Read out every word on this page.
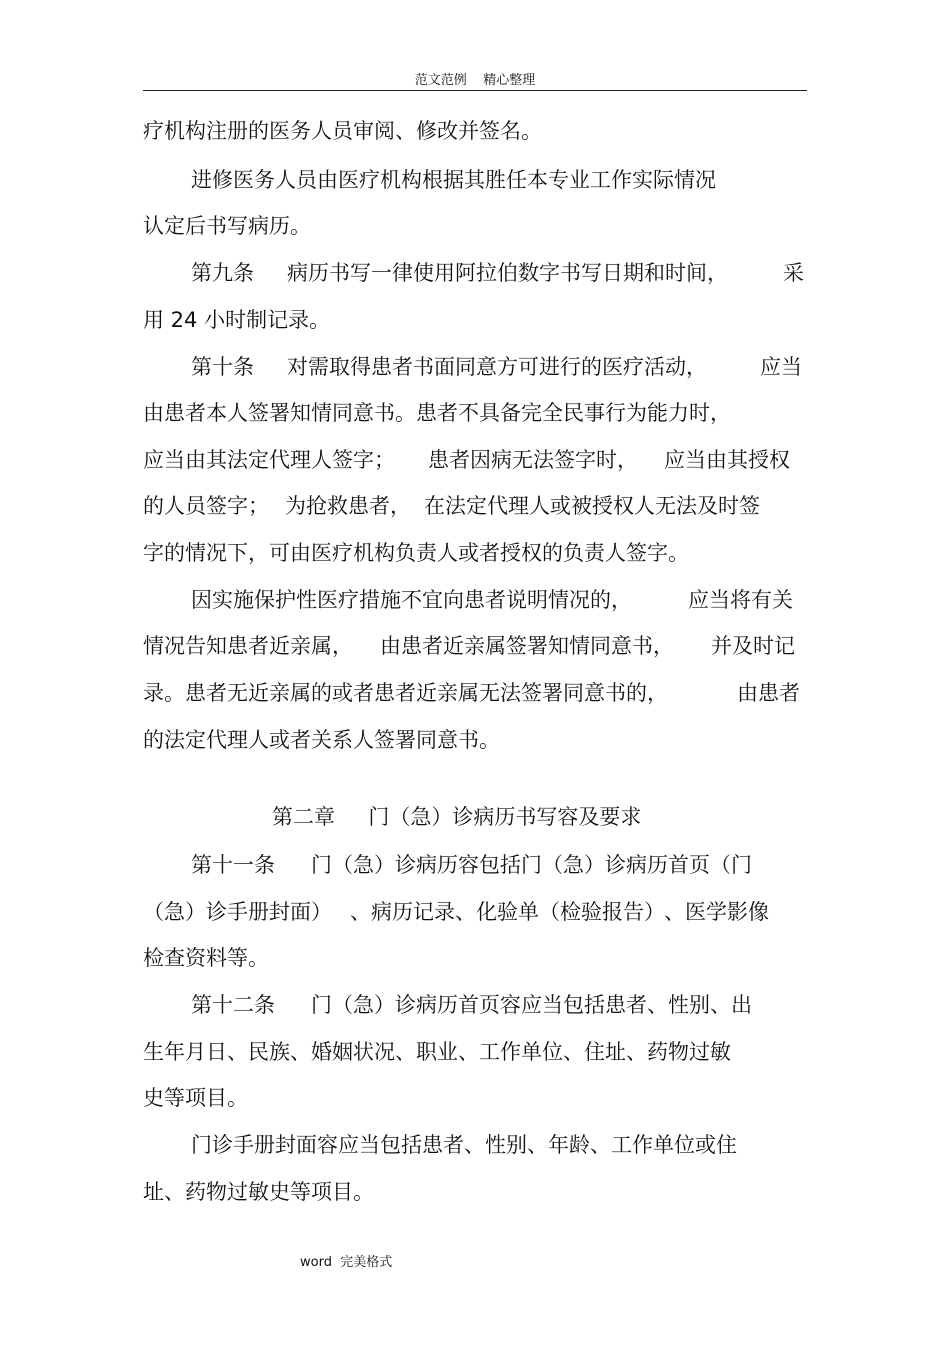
范文范例    精心整理
疗机构注册的医务人员审阅、修改并签名。
进修医务人员由医疗机构根据其胜任本专业工作实际情况
认定后书写病历。
第九条 病历书写一律使用阿拉伯数字书写日期和时间，	采
用 24 小时制记录。
第十条 对需取得患者书面同意方可进行的医疗活动，	应当
由患者本人签署知情同意书。患者不具备完全民事行为能力时，
应当由其法定代理人签字； 患者因病无法签字时， 应当由其授权
的人员签字； 为抢救患者， 在法定代理人或被授权人无法及时签
字的情况下，可由医疗机构负责人或者授权的负责人签字。
因实施保护性医疗措施不宜向患者说明情况的，	应当将有关
情况告知患者近亲属， 由患者近亲属签署知情同意书， 并及时记
录。患者无近亲属的或者患者近亲属无法签署同意书的，	由患者
的法定代理人或者关系人签署同意书。
第二章     门（急）诊病历书写容及要求
第十一条 门（急）诊病历容包括门（急）诊病历首页（门
（急）诊手册封面） 、病历记录、化验单（检验报告） 、医学影像
检查资料等。
第十二条 门（急）诊病历首页容应当包括患者、性别、出
生年月日、民族、婚姻状况、职业、工作单位、住址、药物过敏
史等项目。
门诊手册封面容应当包括患者、性别、年龄、工作单位或住
址、药物过敏史等项目。
word  完美格式
